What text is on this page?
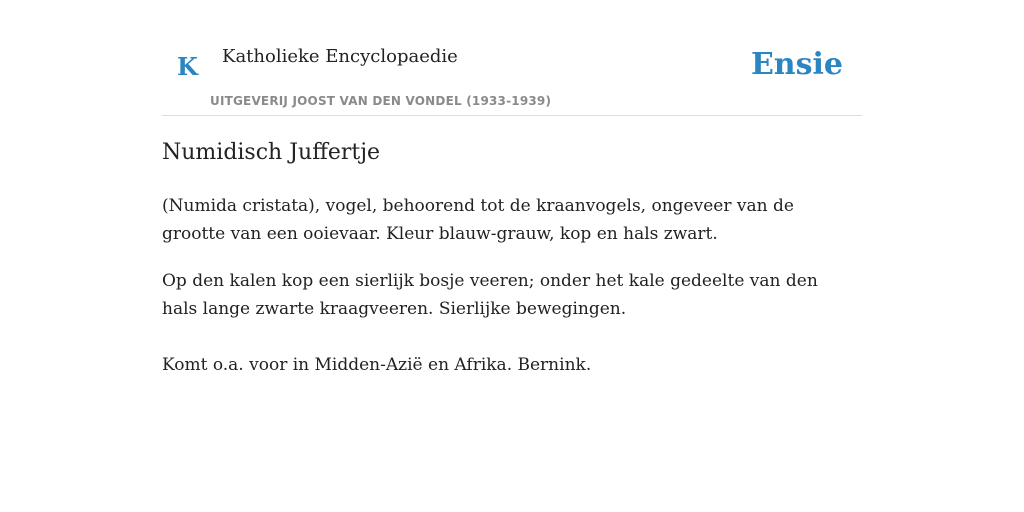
K Katholieke Encyclopaedie
UITGEVERIJ JOOST VAN DEN VONDEL (1933-1939)
Ensie
Numidisch Juffertje

(Numida cristata), vogel, behoorend tot de kraanvogels, ongeveer van de grootte van een ooievaar. Kleur blauw-grauw, kop en hals zwart.

Op den kalen kop een sierlijk bosje veeren; onder het kale gedeelte van den hals lange zwarte kraagveeren. Sierlijke bewegingen.

Komt o.a. voor in Midden-Azië en Afrika. Bernink.
